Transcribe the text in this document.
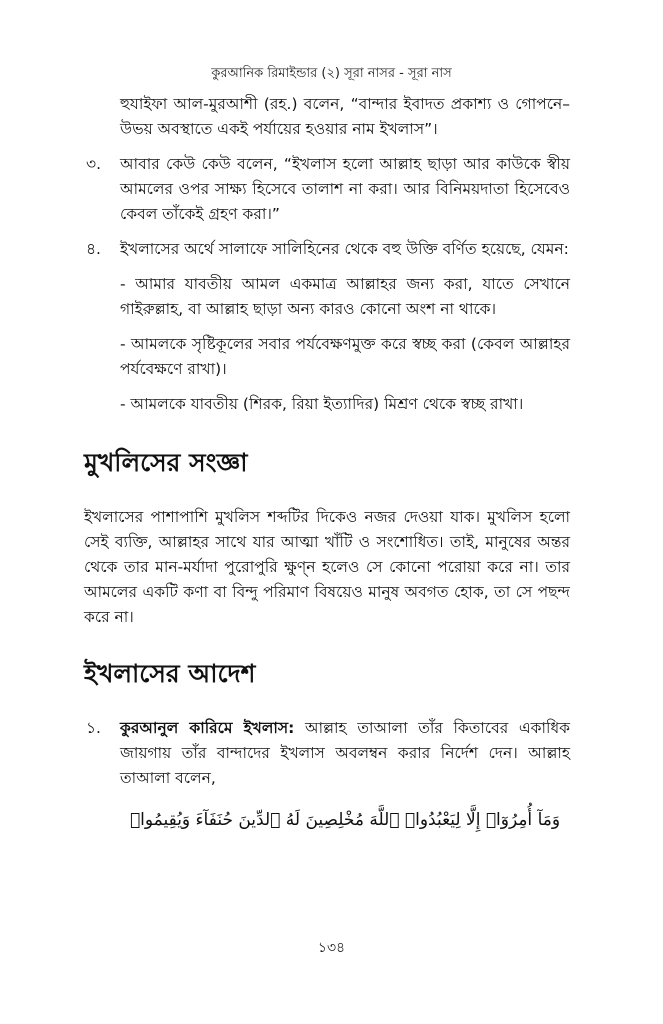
কুরআনিক রিমাইন্ডার (২) সূরা নাসর - সূরা নাস

হুযাইফা আল-মুরআশী (রহ.) বলেন, “বান্দার ইবাদত প্রকাশ্য ও গোপনে– উভয় অবস্থাতে একই পর্যায়ের হওয়ার নাম ইখলাস”।

৩. আবার কেউ কেউ বলেন, “ইখলাস হলো আল্লাহ ছাড়া আর কাউকে স্বীয় আমলের ওপর সাক্ষ্য হিসেবে তালাশ না করা। আর বিনিময়দাতা হিসেবেও কেবল তাঁকেই গ্রহণ করা।”

৪. ইখলাসের অর্থে সালাফে সালিহিনের থেকে বহু উক্তি বর্ণিত হয়েছে, যেমন:

- আমার যাবতীয় আমল একমাত্র আল্লাহর জন্য করা, যাতে সেখানে গাইরুল্লাহ, বা আল্লাহ ছাড়া অন্য কারও কোনো অংশ না থাকে।

- আমলকে সৃষ্টিকূলের সবার পর্যবেক্ষণমুক্ত করে স্বচ্ছ করা (কেবল আল্লাহর পর্যবেক্ষণে রাখা)।

- আমলকে যাবতীয় (শিরক, রিয়া ইত্যাদির) মিশ্রণ থেকে স্বচ্ছ রাখা।

মুখলিসের সংজ্ঞা

ইখলাসের পাশাপাশি মুখলিস শব্দটির দিকেও নজর দেওয়া যাক। মুখলিস হলো সেই ব্যক্তি, আল্লাহর সাথে যার আত্মা খাঁটি ও সংশোধিত। তাই, মানুষের অন্তর থেকে তার মান-মর্যাদা পুরোপুরি ক্ষুণ্ন হলেও সে কোনো পরোয়া করে না। তার আমলের একটি কণা বা বিন্দু পরিমাণ বিষয়েও মানুষ অবগত হোক, তা সে পছন্দ করে না।

ইখলাসের আদেশ
১. কুরআনুল কারিমে ইখলাস: আল্লাহ তাআলা তাঁর কিতাবের একাধিক জায়গায় তাঁর বান্দাদের ইখলাস অবলম্বন করার নির্দেশ দেন। আল্লাহ তাআলা বলেন,

وَمَآ أُمِرُوٓا۟ إِلَّا لِيَعْبُدُوا۟ ٱللَّهَ مُخْلِصِينَ لَهُ ٱلدِّينَ حُنَفَآءَ وَيُقِيمُوا۟
১৩৪
